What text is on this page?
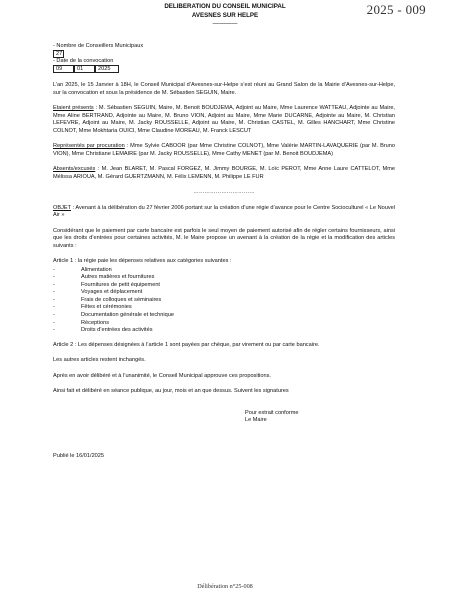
2025 - 009
DELIBERATION DU CONSEIL MUNICIPAL
AVESNES SUR HELPE
————
- Nombre de Conseillers Municipaux
27
- Date de la convocation
09	01	2025

L’an 2025, le 15 Janvier à 18H, le Conseil Municipal d’Avesnes-sur-Helpe s’est réuni au Grand Salon de la Mairie d’Avesnes-sur-Helpe, sur la convocation et sous la présidence de M. Sébastien SEGUIN, Maire.

Etaient présents : M. Sébastien SEGUIN, Maire, M. Benoit BOUDJEMA, Adjoint au Maire, Mme Laurence WATTEAU, Adjointe au Maire, Mme Aline BERTRAND, Adjointe au Maire, M. Bruno VION, Adjoint au Maire, Mme Marie DUCARNE, Adjointe au Maire, M. Christian LEFEVRE, Adjoint au Maire, M. Jacky ROUSSELLE, Adjoint au Maire, M. Christian CASTEL, M. Gilles HANCHART, Mme Christine COLNOT, Mme Mokhtaria OUICI, Mme Claudine MOREAU, M. Franck LESCUT

Représentés par procuration : Mme Sylvie CABOOR (par Mme Christine COLNOT), Mme Valérie MARTIN-LAVAQUERIE (par M. Bruno VION), Mme Christiane LEMAIRE (par M. Jacky ROUSSELLE), Mme Cathy MENET (par M. Benoit BOUDJEMA)

Absents/excusés : M. Jean BLARET, M. Pascal FORGEZ, M. Jimmy BOURGE, M. Loïc PEROT, Mme Anne Laure CATTELOT, Mme Mélissa ARIOUA, M. Gérard GUERTZMANN, M. Félix LEMENN, M. Philippe LE FUR

……………………………

OBJET : Avenant à la délibération du 27 février 2006 portant sur la création d’une régie d’avance pour le Centre Socioculturel « Le Nouvel Air »

Considérant que le paiement par carte bancaire est parfois le seul moyen de paiement autorisé afin de régler certains fournisseurs, ainsi que les droits d’entrées pour certaines activités, M. le Maire propose un avenant à la création de la régie et la modification des articles suivants :

Article 1 : la régie paie les dépenses relatives aux catégories suivantes :

-	Alimentation
-	Autres matières et fournitures
-	Fournitures de petit équipement
-	Voyages et déplacement
-	Frais de colloques et séminaires
-	Fêtes et cérémonies
-	Documentation générale et technique
-	Réceptions
-	Droits d’entrées des activités

Article 2 : Les dépenses désignées à l’article 1 sont payées par chèque, par virement ou par carte bancaire.

Les autres articles restent inchangés.

Après en avoir délibéré et à l’unanimité, le Conseil Municipal approuve ces propositions.

Ainsi fait et délibéré en séance publique, au jour, mois et an que dessus. Suivent les signatures

Pour extrait conforme
Le Maire

Publié le 16/01/2025

Délibération n°25-008
